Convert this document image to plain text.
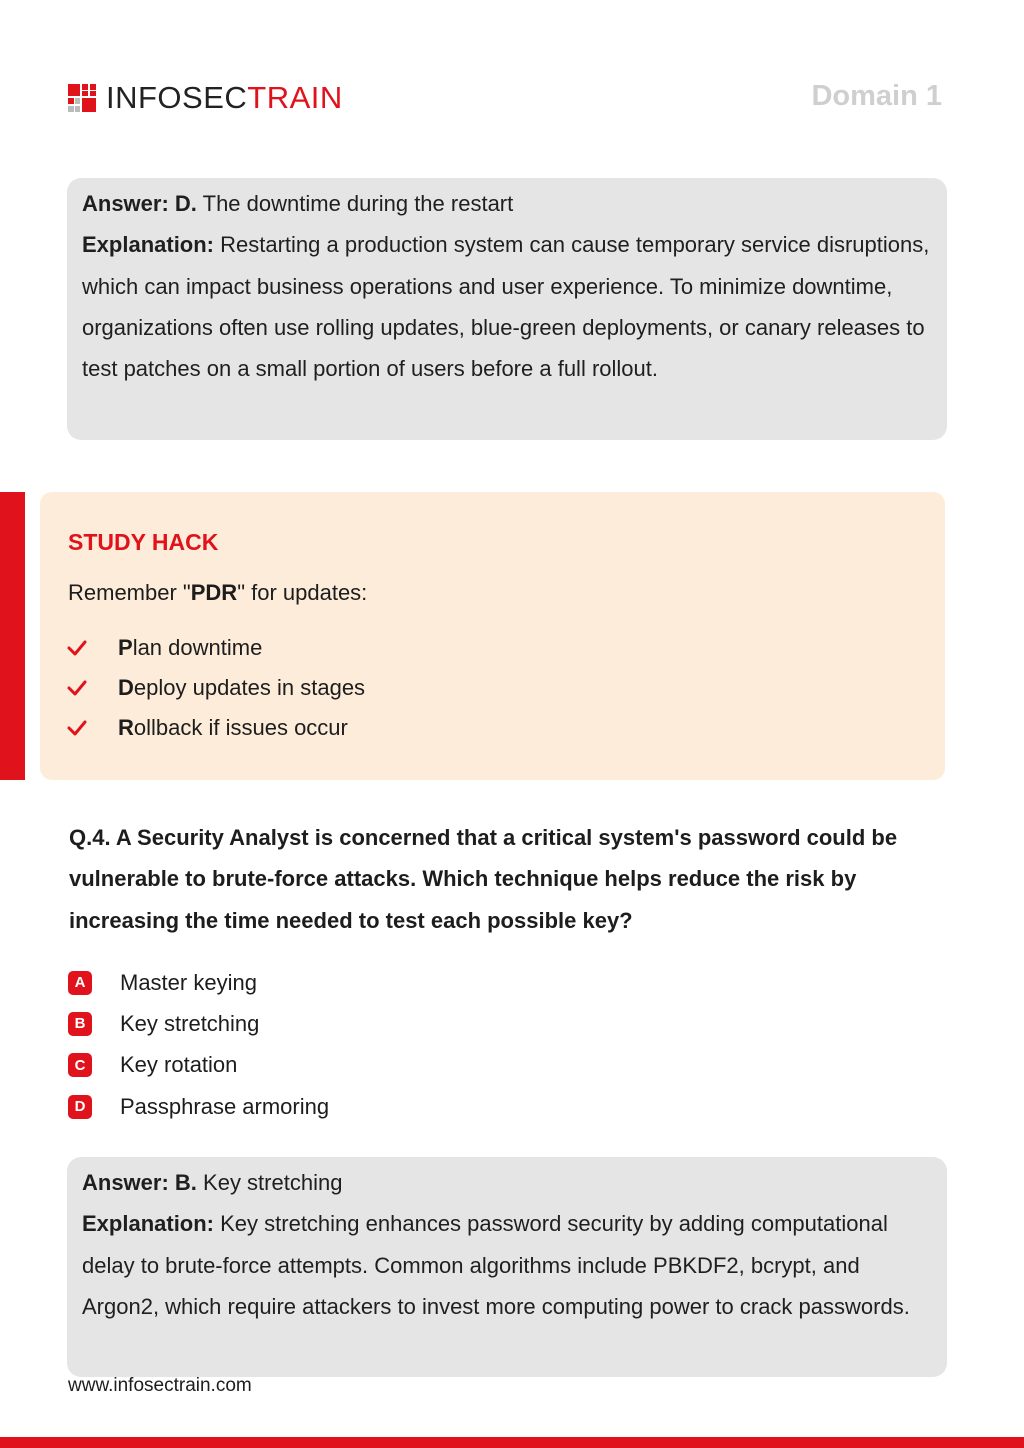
INFOSECTRAIN	Domain 1
Answer: D. The downtime during the restart
Explanation: Restarting a production system can cause temporary service disruptions, which can impact business operations and user experience. To minimize downtime, organizations often use rolling updates, blue-green deployments, or canary releases to test patches on a small portion of users before a full rollout.
STUDY HACK
Remember "PDR" for updates:
Plan downtime
Deploy updates in stages
Rollback if issues occur
Q.4. A Security Analyst is concerned that a critical system's password could be vulnerable to brute-force attacks. Which technique helps reduce the risk by increasing the time needed to test each possible key?
A Master keying
B Key stretching
C Key rotation
D Passphrase armoring
Answer: B. Key stretching
Explanation: Key stretching enhances password security by adding computational delay to brute-force attempts. Common algorithms include PBKDF2, bcrypt, and Argon2, which require attackers to invest more computing power to crack passwords.
www.infosectrain.com
